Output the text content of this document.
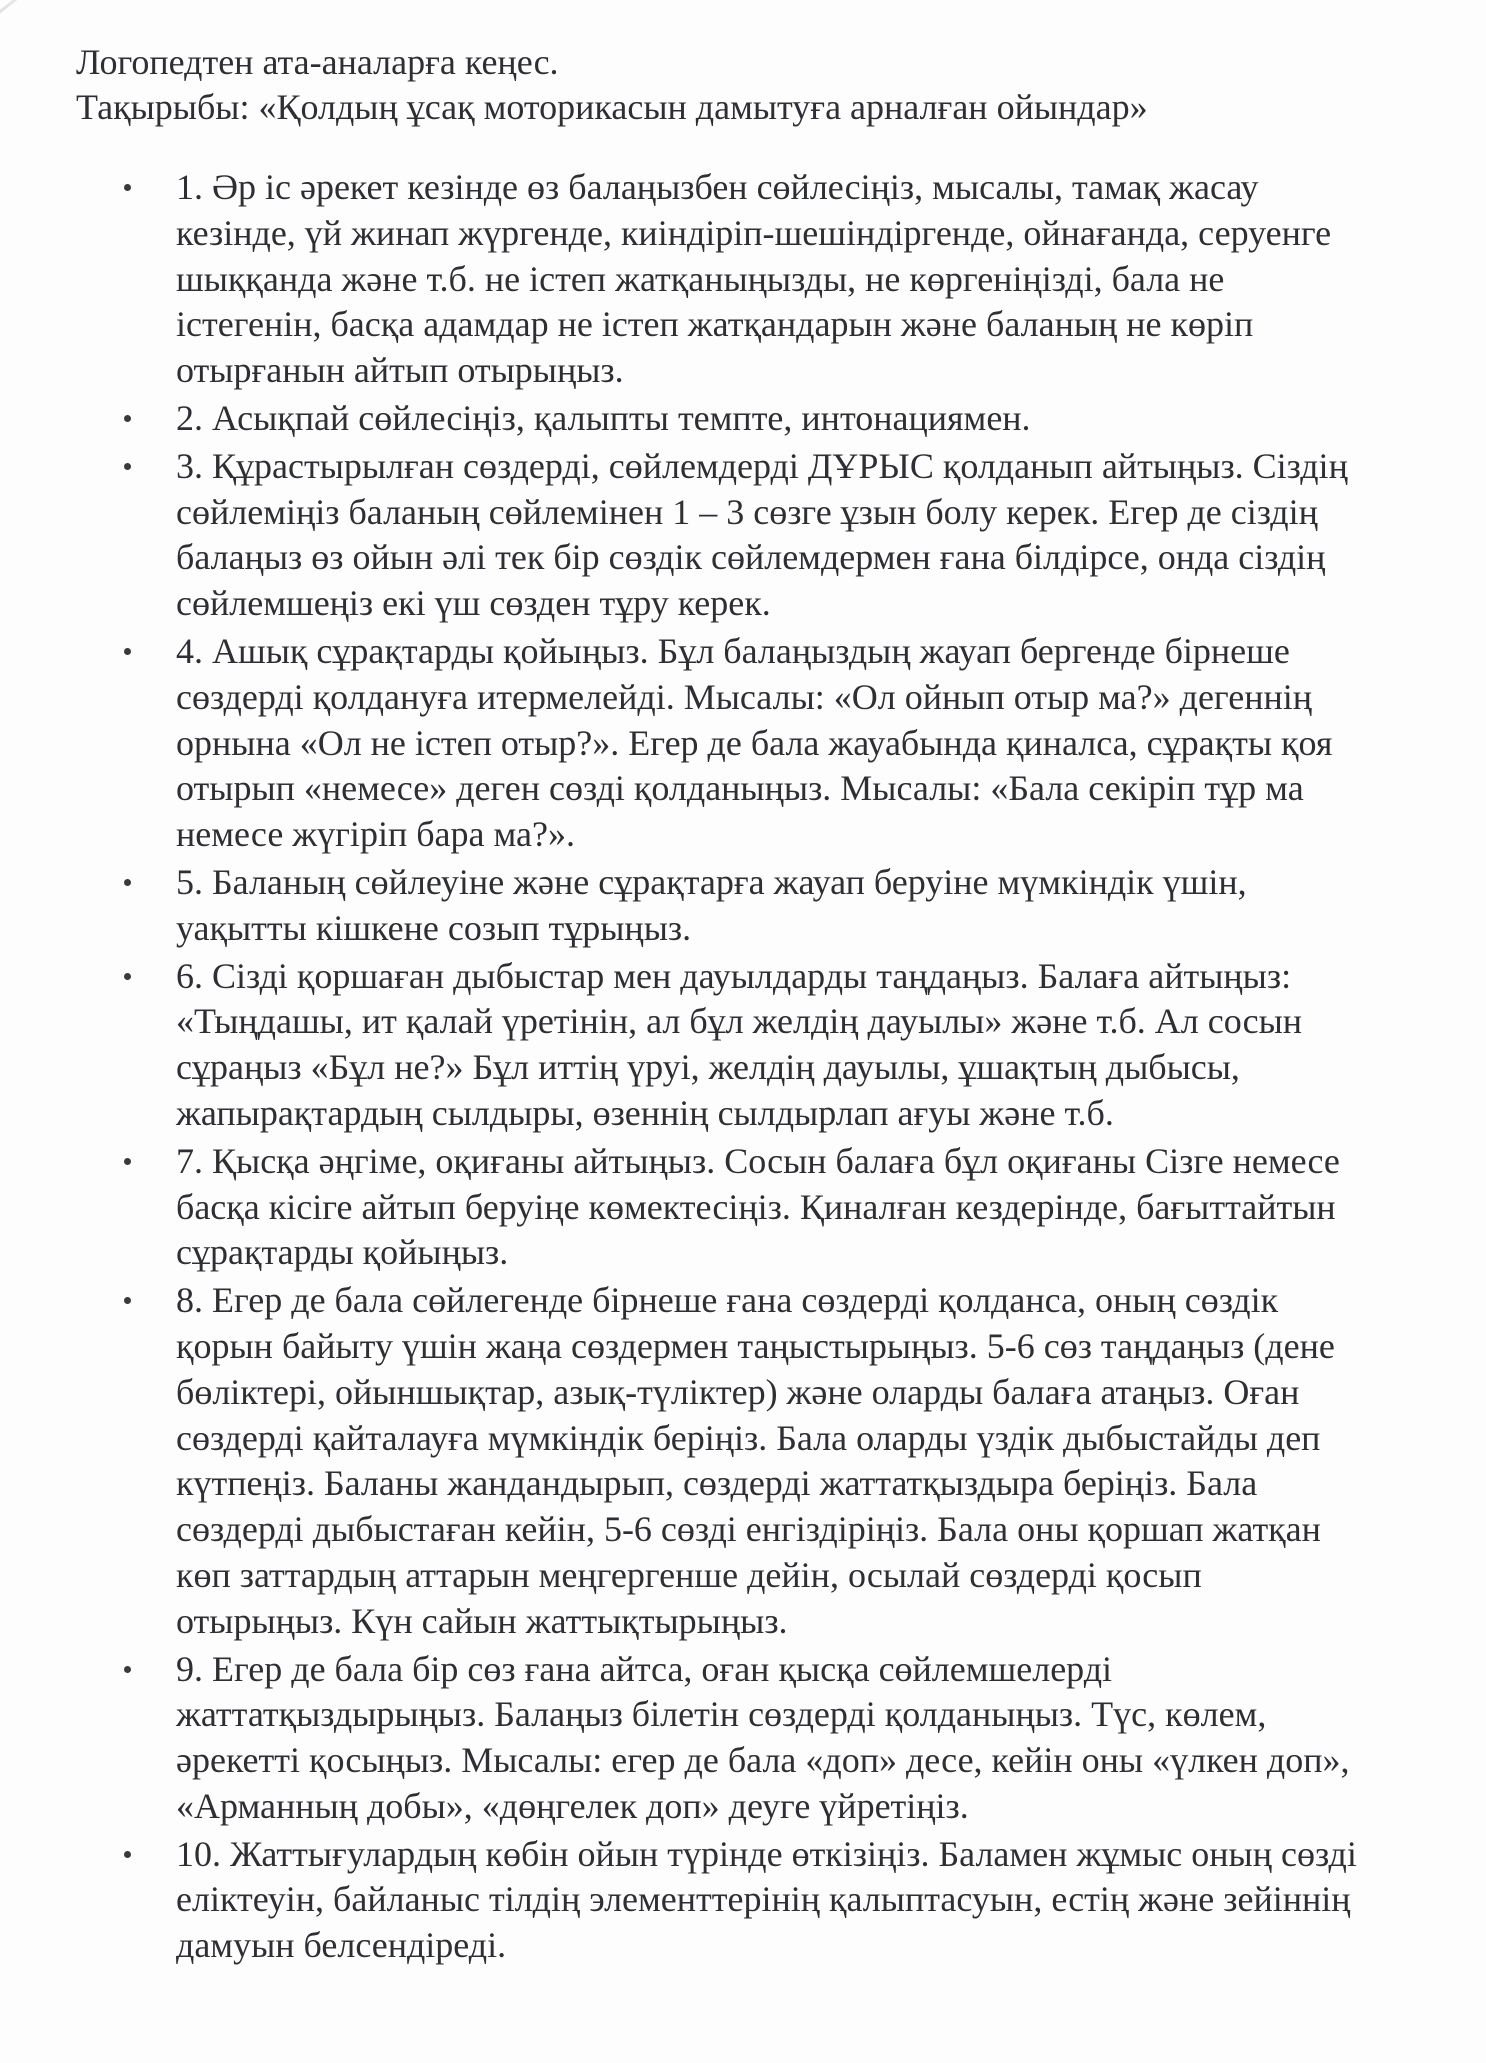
Логопедтен ата-аналарға кеңес.
Тақырыбы: «Қолдың ұсақ моторикасын дамытуға арналған ойындар»
1. Әр іс әрекет кезінде өз балаңызбен сөйлесіңіз, мысалы, тамақ жасау кезінде, үй жинап жүргенде, киіндіріп-шешіндіргенде, ойнағанда, серуенге шыққанда және т.б. не істеп жатқаныңызды, не көргеніңізді, бала не істегенін, басқа адамдар не істеп жатқандарын және баланың не көріп отырғанын айтып отырыңыз.
2. Асықпай сөйлесіңіз, қалыпты темпте, интонациямен.
3. Құрастырылған сөздерді, сөйлемдерді ДҰРЫС қолданып айтыңыз. Сіздің сөйлеміңіз баланың сөйлемінен 1 – 3 сөзге ұзын болу керек. Егер де сіздің балаңыз өз ойын әлі тек бір сөздік сөйлемдермен ғана білдірсе, онда сіздің сөйлемшеңіз екі үш сөзден тұру керек.
4. Ашық сұрақтарды қойыңыз. Бұл балаңыздың жауап бергенде бірнеше сөздерді қолдануға итермелейді. Мысалы: «Ол ойнып отыр ма?» дегеннің орнына «Ол не істеп отыр?». Егер де бала жауабында қиналса, сұрақты қоя отырып «немесе» деген сөзді қолданыңыз. Мысалы: «Бала секіріп тұр ма немесе жүгіріп бара ма?».
5. Баланың сөйлеуіне және сұрақтарға жауап беруіне мүмкіндік үшін, уақытты кішкене созып тұрыңыз.
6. Сізді қоршаған дыбыстар мен дауылдарды таңдаңыз. Балаға айтыңыз: «Тыңдашы, ит қалай үретінін, ал бұл желдің дауылы» және т.б. Ал сосын сұраңыз «Бұл не?» Бұл иттің үруі, желдің дауылы, ұшақтың дыбысы, жапырақтардың сылдыры, өзеннің сылдырлап ағуы және т.б.
7. Қысқа әңгіме, оқиғаны айтыңыз. Сосын балаға бұл оқиғаны Сізге немесе басқа кісіге айтып беруіңе көмектесіңіз. Қиналған кездерінде, бағыттайтын сұрақтарды қойыңыз.
8. Егер де бала сөйлегенде бірнеше ғана сөздерді қолданса, оның сөздік қорын байыту үшін жаңа сөздермен таңыстырыңыз. 5-6 сөз таңдаңыз (дене бөліктері, ойыншықтар, азық-түліктер) және оларды балаға атаңыз. Оған сөздерді қайталауға мүмкіндік беріңіз. Бала оларды үздік дыбыстайды деп күтпеңіз. Баланы жандандырып, сөздерді жаттатқыздыра беріңіз. Бала сөздерді дыбыстаған кейін, 5-6 сөзді енгіздіріңіз. Бала оны қоршап жатқан көп заттардың аттарын меңгергенше дейін, осылай сөздерді қосып отырыңыз. Күн сайын жаттықтырыңыз.
9. Егер де бала бір сөз ғана айтса, оған қысқа сөйлемшелерді жаттатқыздырыңыз. Балаңыз білетін сөздерді қолданыңыз. Түс, көлем, әрекетті қосыңыз. Мысалы: егер де бала «доп» десе, кейін оны «үлкен доп», «Арманның добы», «дөңгелек доп» деуге үйретіңіз.
10. Жаттығулардың көбін ойын түрінде өткізіңіз. Баламен жұмыс оның сөзді еліктеуін, байланыс тілдің элементтерінің қалыптасуын, естің және зейіннің дамуын белсендіреді.
